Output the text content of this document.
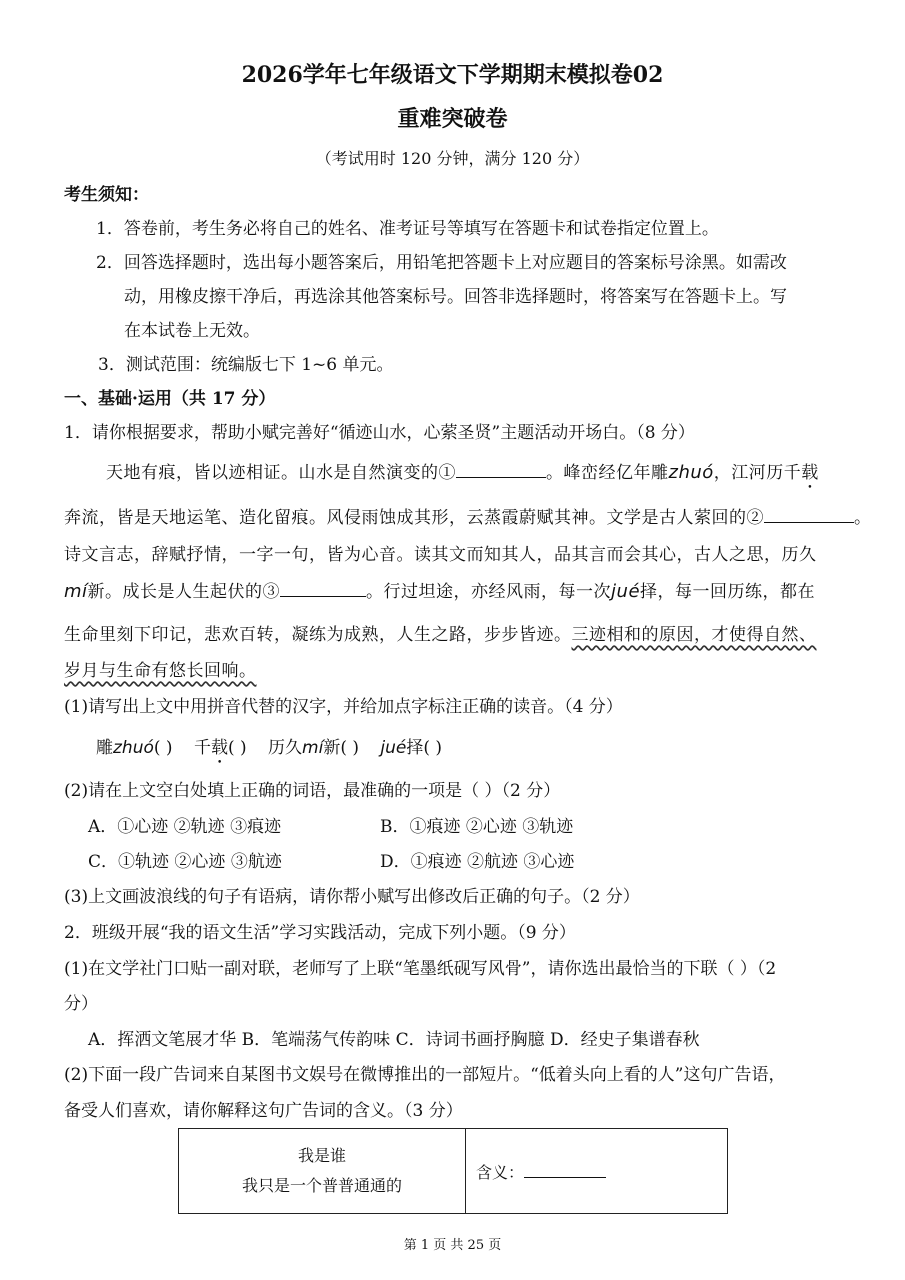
2026学年七年级语文下学期期末模拟卷02
重难突破卷
（考试用时 120 分钟，满分 120 分）
考生须知：
1．答卷前，考生务必将自己的姓名、准考证号等填写在答题卡和试卷指定位置上。
2．回答选择题时，选出每小题答案后，用铅笔把答题卡上对应题目的答案标号涂黑。如需改
动，用橡皮擦干净后，再选涂其他答案标号。回答非选择题时，将答案写在答题卡上。写
在本试卷上无效。
3．测试范围：统编版七下 1~6 单元。
一、基础·运用（共 17 分）
1．请你根据要求，帮助小赋完善好“循迹山水，心萦圣贤”主题活动开场白。（8 分）
天地有痕，皆以迹相证。山水是自然演变的①	。峰峦经亿年雕zhuó，江河历千载
奔流，皆是天地运笔、造化留痕。风侵雨蚀成其形，云蒸霞蔚赋其神。文学是古人萦回的②	。
诗文言志，辞赋抒情，一字一句，皆为心音。读其文而知其人，品其言而会其心，古人之思，历久
mí新。成长是人生起伏的③	。行过坦途，亦经风雨，每一次jué择，每一回历练，都在
生命里刻下印记，悲欢百转，凝练为成熟，人生之路，步步皆迹。三迹相和的原因，才使得自然、
岁月与生命有悠长回响。
(1)请写出上文中用拼音代替的汉字，并给加点字标注正确的读音。（4 分）
雕zhuó( ) 千载( ) 历久mí新( ) jué择( )
(2)请在上文空白处填上正确的词语，最准确的一项是（ ）（2 分）
A．①心迹 ②轨迹 ③痕迹	B．①痕迹 ②心迹 ③轨迹
C．①轨迹 ②心迹 ③航迹	D．①痕迹 ②航迹 ③心迹
(3)上文画波浪线的句子有语病，请你帮小赋写出修改后正确的句子。（2 分）
2．班级开展“我的语文生活”学习实践活动，完成下列小题。（9 分）
(1)在文学社门口贴一副对联，老师写了上联“笔墨纸砚写风骨”，请你选出最恰当的下联（ ）（2
分）
A．挥洒文笔展才华 B．笔端荡气传韵味 C．诗词书画抒胸臆 D．经史子集谱春秋
(2)下面一段广告词来自某图书文娱号在微博推出的一部短片。“低着头向上看的人”这句广告语，
备受人们喜欢，请你解释这句广告词的含义。（3 分）
我是谁
我只是一个普普通通的
	含义：
第 1 页 共 25 页
